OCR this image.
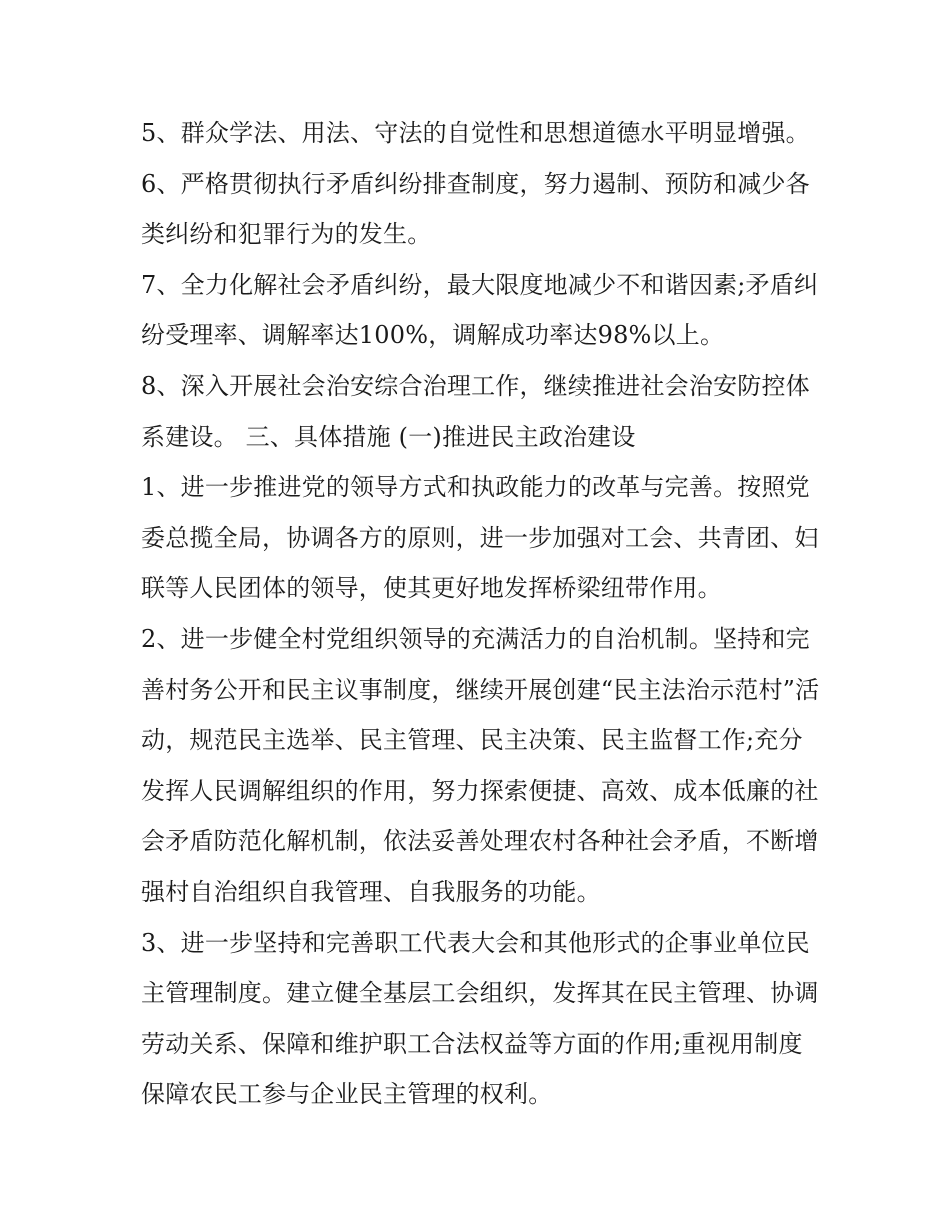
5、群众学法、用法、守法的自觉性和思想道德水平明显增强。 6、严格贯彻执行矛盾纠纷排查制度，努力遏制、预防和减少各类纠纷和犯罪行为的发生。

7、全力化解社会矛盾纠纷，最大限度地减少不和谐因素;矛盾纠纷受理率、调解率达100%，调解成功率达98%以上。

8、深入开展社会治安综合治理工作，继续推进社会治安防控体系建设。 三、具体措施 (一)推进民主政治建设

1、进一步推进党的领导方式和执政能力的改革与完善。按照党委总揽全局，协调各方的原则，进一步加强对工会、共青团、妇联等人民团体的领导，使其更好地发挥桥梁纽带作用。

2、进一步健全村党组织领导的充满活力的自治机制。坚持和完善村务公开和民主议事制度，继续开展创建“民主法治示范村”活动，规范民主选举、民主管理、民主决策、民主监督工作;充分发挥人民调解组织的作用，努力探索便捷、高效、成本低廉的社会矛盾防范化解机制，依法妥善处理农村各种社会矛盾，不断增强村自治组织自我管理、自我服务的功能。

3、进一步坚持和完善职工代表大会和其他形式的企事业单位民主管理制度。建立健全基层工会组织，发挥其在民主管理、协调劳动关系、保障和维护职工合法权益等方面的作用;重视用制度保障农民工参与企业民主管理的权利。
